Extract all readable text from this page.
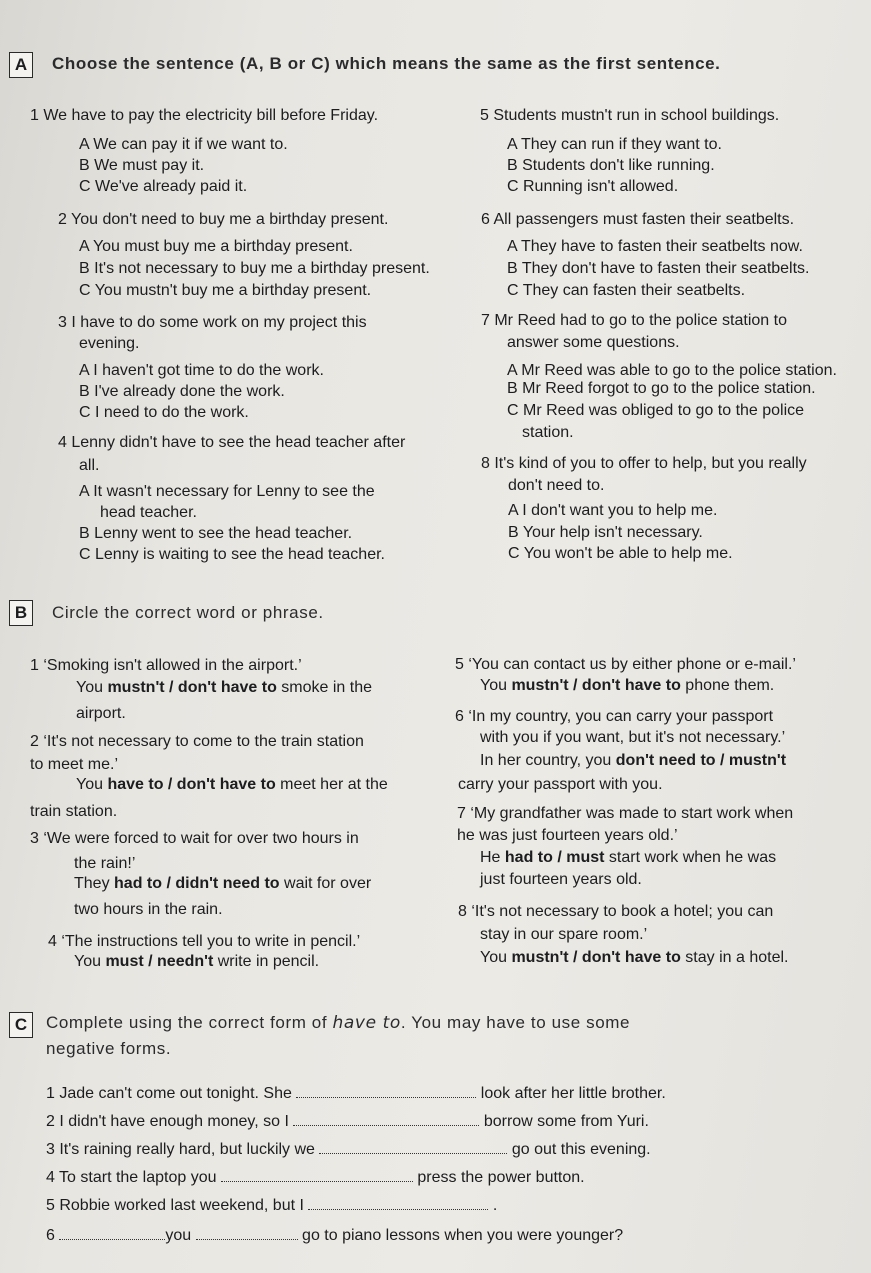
A	Choose the sentence (A, B or C) which means the same as the first sentence.
1 We have to pay the electricity bill before Friday.
A We can pay it if we want to.
B We must pay it.
C We've already paid it.
2 You don't need to buy me a birthday present.
A You must buy me a birthday present.
B It's not necessary to buy me a birthday present.
C You mustn't buy me a birthday present.
3 I have to do some work on my project this
evening.
A I haven't got time to do the work.
B I've already done the work.
C I need to do the work.
4 Lenny didn't have to see the head teacher after
all.
A It wasn't necessary for Lenny to see the
head teacher.
B Lenny went to see the head teacher.
C Lenny is waiting to see the head teacher.
5 Students mustn't run in school buildings.
A They can run if they want to.
B Students don't like running.
C Running isn't allowed.
6 All passengers must fasten their seatbelts.
A They have to fasten their seatbelts now.
B They don't have to fasten their seatbelts.
C They can fasten their seatbelts.
7 Mr Reed had to go to the police station to
answer some questions.
A Mr Reed was able to go to the police station.
B Mr Reed forgot to go to the police station.
C Mr Reed was obliged to go to the police
station.
8 It's kind of you to offer to help, but you really
don't need to.
A I don't want you to help me.
B Your help isn't necessary.
C You won't be able to help me.
B	Circle the correct word or phrase.
1 ‘Smoking isn't allowed in the airport.’
You mustn't / don't have to smoke in the
airport.
2 ‘It's not necessary to come to the train station
to meet me.’
You have to / don't have to meet her at the
train station.
3 ‘We were forced to wait for over two hours in
the rain!’
They had to / didn't need to wait for over
two hours in the rain.
4 ‘The instructions tell you to write in pencil.’
You must / needn't write in pencil.
5 ‘You can contact us by either phone or e-mail.’
You mustn't / don't have to phone them.
6 ‘In my country, you can carry your passport
with you if you want, but it's not necessary.’
In her country, you don't need to / mustn't
carry your passport with you.
7 ‘My grandfather was made to start work when
he was just fourteen years old.’
He had to / must start work when he was
just fourteen years old.
8 ‘It's not necessary to book a hotel; you can
stay in our spare room.’
You mustn't / don't have to stay in a hotel.
C	Complete using the correct form of have to. You may have to use some
negative forms.
1 Jade can't come out tonight. She	look after her little brother.
2 I didn't have enough money, so I	borrow some from Yuri.
3 It's raining really hard, but luckily we	go out this evening.
4 To start the laptop you	press the power button.
5 Robbie worked last weekend, but I	.
6	you	go to piano lessons when you were younger?
